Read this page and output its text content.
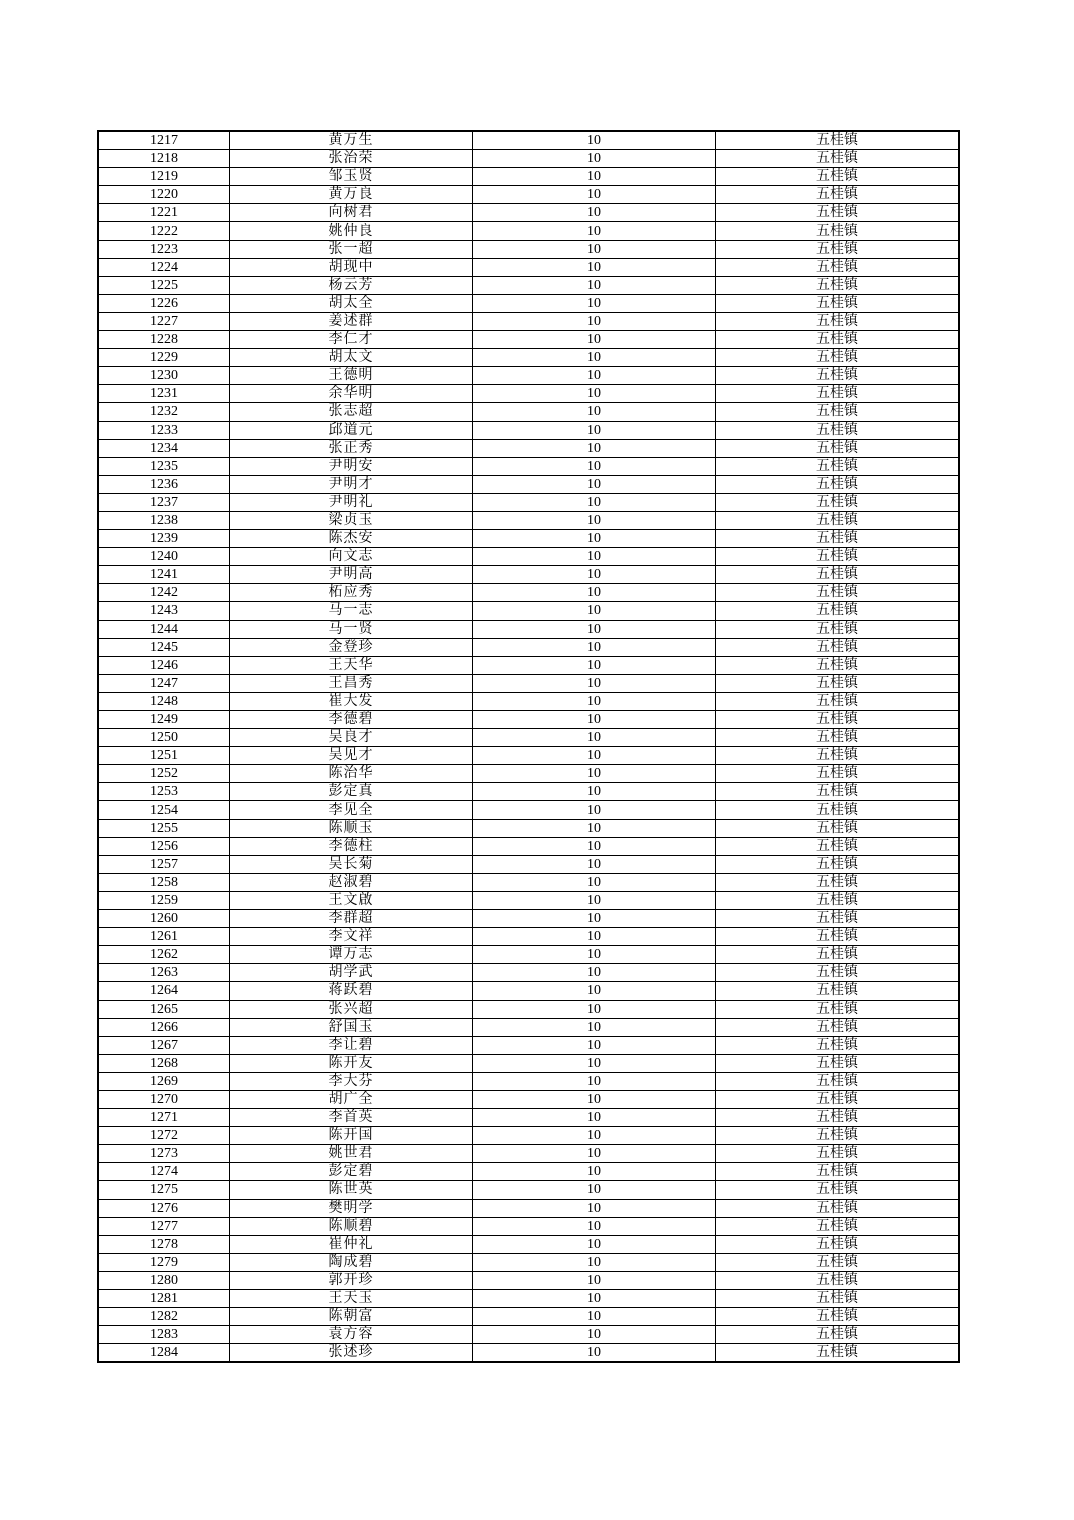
1217	黄万生	10	五桂镇
1218	张治荣	10	五桂镇
1219	邹玉贤	10	五桂镇
1220	黄万良	10	五桂镇
1221	向树君	10	五桂镇
1222	姚仲良	10	五桂镇
1223	张一超	10	五桂镇
1224	胡现中	10	五桂镇
1225	杨云芳	10	五桂镇
1226	胡太全	10	五桂镇
1227	姜述群	10	五桂镇
1228	李仁才	10	五桂镇
1229	胡太文	10	五桂镇
1230	王德明	10	五桂镇
1231	余华明	10	五桂镇
1232	张志超	10	五桂镇
1233	邱道元	10	五桂镇
1234	张正秀	10	五桂镇
1235	尹明安	10	五桂镇
1236	尹明才	10	五桂镇
1237	尹明礼	10	五桂镇
1238	梁贞玉	10	五桂镇
1239	陈杰安	10	五桂镇
1240	向文志	10	五桂镇
1241	尹明高	10	五桂镇
1242	柘应秀	10	五桂镇
1243	马一志	10	五桂镇
1244	马一贤	10	五桂镇
1245	金登珍	10	五桂镇
1246	王天华	10	五桂镇
1247	王昌秀	10	五桂镇
1248	崔大发	10	五桂镇
1249	李德碧	10	五桂镇
1250	吴良才	10	五桂镇
1251	吴见才	10	五桂镇
1252	陈治华	10	五桂镇
1253	彭定真	10	五桂镇
1254	李见全	10	五桂镇
1255	陈顺玉	10	五桂镇
1256	李德柱	10	五桂镇
1257	吴长菊	10	五桂镇
1258	赵淑碧	10	五桂镇
1259	王文啟	10	五桂镇
1260	李群超	10	五桂镇
1261	李文祥	10	五桂镇
1262	谭万志	10	五桂镇
1263	胡学武	10	五桂镇
1264	蒋跃碧	10	五桂镇
1265	张兴超	10	五桂镇
1266	舒国玉	10	五桂镇
1267	李让碧	10	五桂镇
1268	陈开友	10	五桂镇
1269	李大芬	10	五桂镇
1270	胡广全	10	五桂镇
1271	李首英	10	五桂镇
1272	陈开国	10	五桂镇
1273	姚世君	10	五桂镇
1274	彭定碧	10	五桂镇
1275	陈世英	10	五桂镇
1276	樊明学	10	五桂镇
1277	陈顺碧	10	五桂镇
1278	崔仲礼	10	五桂镇
1279	陶成碧	10	五桂镇
1280	郭开珍	10	五桂镇
1281	王天玉	10	五桂镇
1282	陈朝富	10	五桂镇
1283	袁方容	10	五桂镇
1284	张述珍	10	五桂镇
